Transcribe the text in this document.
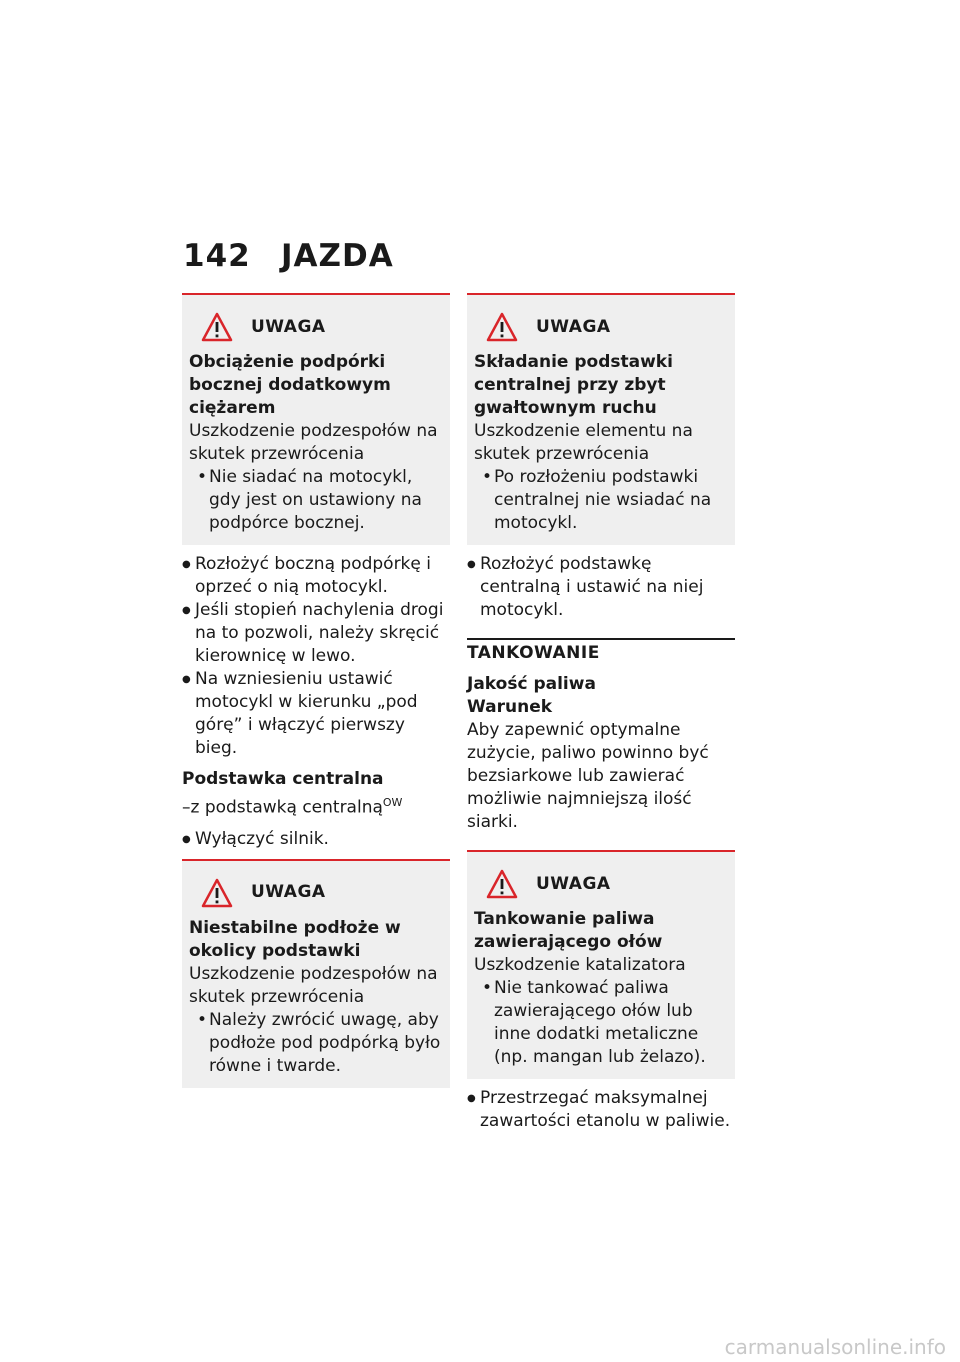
142 JAZDA
UWAGA

Obciążenie podpórki bocznej dodatkowym ciężarem

Uszkodzenie podzespołów na skutek przewrócenia

• Nie siadać na motocykl, gdy jest on ustawiony na podpórce bocznej.

● Rozłożyć boczną podpórkę i oprzeć o nią motocykl.

● Jeśli stopień nachylenia drogi na to pozwoli, należy skręcić kierownicę w lewo.

● Na wzniesieniu ustawić motocykl w kierunku „pod górę” i włączyć pierwszy bieg.

Podstawka centralna

–z podstawką centralną$^{OW}$

● Wyłączyć silnik.

UWAGA

Niestabilne podłoże w okolicy podstawki

Uszkodzenie podzespołów na skutek przewrócenia

• Należy zwrócić uwagę, aby podłoże pod podpórką było równe i twarde.

UWAGA

Składanie podstawki centralnej przy zbyt gwałtownym ruchu

Uszkodzenie elementu na skutek przewrócenia

• Po rozłożeniu podstawki centralnej nie wsiadać na motocykl.

● Rozłożyć podstawkę centralną i ustawić na niej motocykl.

TANKOWANIE

Jakość paliwa

Warunek

Aby zapewnić optymalne zużycie, paliwo powinno być bezsiarkowe lub zawierać możliwie najmniejszą ilość siarki.

UWAGA

Tankowanie paliwa zawierającego ołów

Uszkodzenie katalizatora

• Nie tankować paliwa zawierającego ołów lub inne dodatki metaliczne (np. mangan lub żelazo).

● Przestrzegać maksymalnej zawartości etanolu w paliwie.

carmanualsonline.info
